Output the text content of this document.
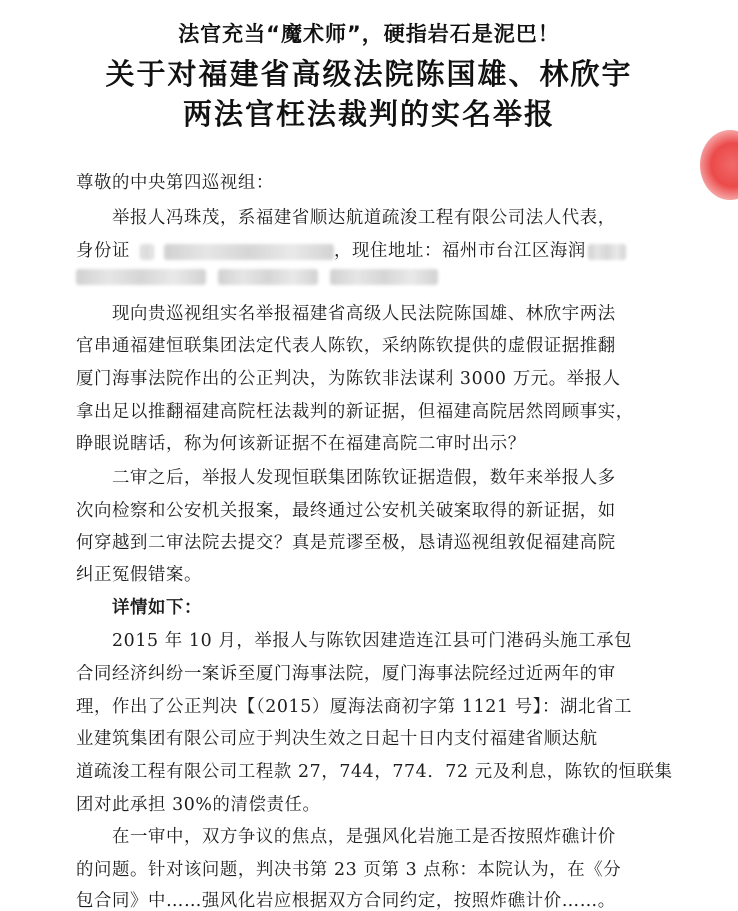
法官充当“魔术师”，硬指岩石是泥巴！
关于对福建省高级法院陈国雄、林欣宇
两法官枉法裁判的实名举报
尊敬的中央第四巡视组：
举报人冯珠茂，系福建省顺达航道疏浚工程有限公司法人代表，
身份证	，现住地址：福州市台江区海润
现向贵巡视组实名举报福建省高级人民法院陈国雄、林欣宇两法
官串通福建恒联集团法定代表人陈钦，采纳陈钦提供的虚假证据推翻
厦门海事法院作出的公正判决，为陈钦非法谋利 3000 万元。举报人
拿出足以推翻福建高院枉法裁判的新证据，但福建高院居然罔顾事实，
睁眼说瞎话，称为何该新证据不在福建高院二审时出示？
二审之后，举报人发现恒联集团陈钦证据造假，数年来举报人多
次向检察和公安机关报案，最终通过公安机关破案取得的新证据，如
何穿越到二审法院去提交？真是荒谬至极，恳请巡视组敦促福建高院
纠正冤假错案。
详情如下：
2015 年 10 月，举报人与陈钦因建造连江县可门港码头施工承包
合同经济纠纷一案诉至厦门海事法院，厦门海事法院经过近两年的审
理，作出了公正判决【（2015）厦海法商初字第 1121 号】：湖北省工
业建筑集团有限公司应于判决生效之日起十日内支付福建省顺达航
道疏浚工程有限公司工程款 27，744，774．72 元及利息，陈钦的恒联集
团对此承担 30%的清偿责任。
在一审中，双方争议的焦点，是强风化岩施工是否按照炸礁计价
的问题。针对该问题，判决书第 23 页第 3 点称：本院认为，在《分
包合同》中……强风化岩应根据双方合同约定，按照炸礁计价……。
